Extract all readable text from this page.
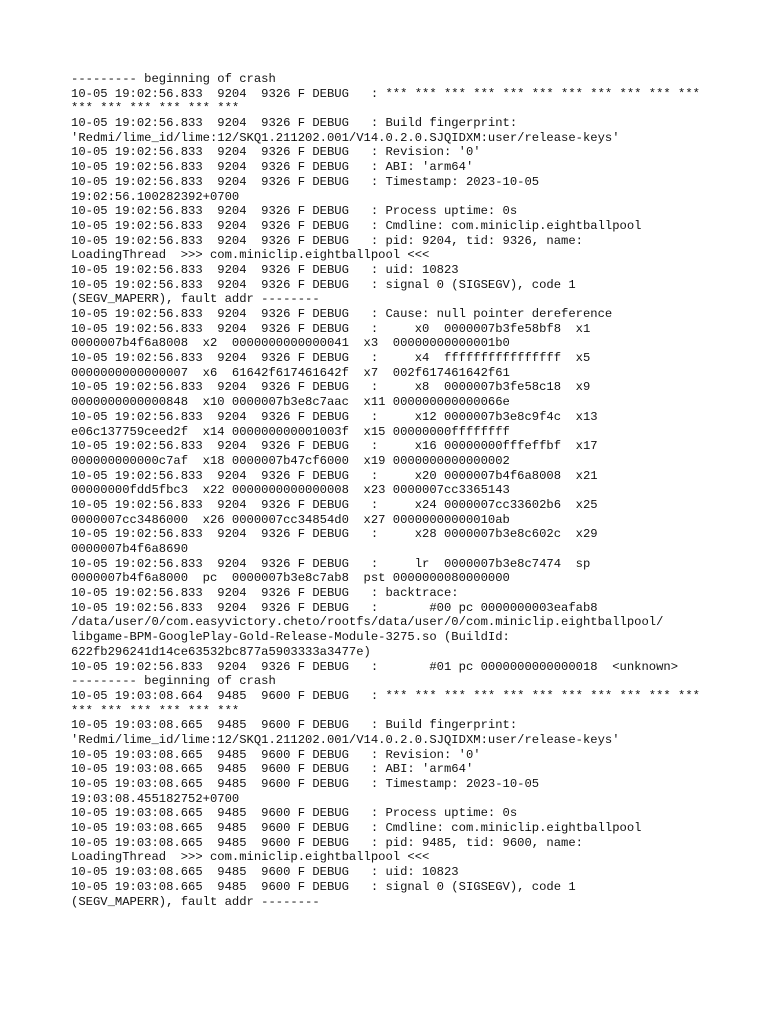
--------- beginning of crash
10-05 19:02:56.833  9204  9326 F DEBUG   : *** *** *** *** *** *** *** *** *** *** ***
*** *** *** *** *** ***
10-05 19:02:56.833  9204  9326 F DEBUG   : Build fingerprint:
'Redmi/lime_id/lime:12/SKQ1.211202.001/V14.0.2.0.SJQIDXM:user/release-keys'
10-05 19:02:56.833  9204  9326 F DEBUG   : Revision: '0'
10-05 19:02:56.833  9204  9326 F DEBUG   : ABI: 'arm64'
10-05 19:02:56.833  9204  9326 F DEBUG   : Timestamp: 2023-10-05
19:02:56.100282392+0700
10-05 19:02:56.833  9204  9326 F DEBUG   : Process uptime: 0s
10-05 19:02:56.833  9204  9326 F DEBUG   : Cmdline: com.miniclip.eightballpool
10-05 19:02:56.833  9204  9326 F DEBUG   : pid: 9204, tid: 9326, name:
LoadingThread  >>> com.miniclip.eightballpool <<<
10-05 19:02:56.833  9204  9326 F DEBUG   : uid: 10823
10-05 19:02:56.833  9204  9326 F DEBUG   : signal 0 (SIGSEGV), code 1
(SEGV_MAPERR), fault addr --------
10-05 19:02:56.833  9204  9326 F DEBUG   : Cause: null pointer dereference
10-05 19:02:56.833  9204  9326 F DEBUG   :     x0  0000007b3fe58bf8  x1
0000007b4f6a8008  x2  0000000000000041  x3  00000000000001b0
10-05 19:02:56.833  9204  9326 F DEBUG   :     x4  ffffffffffffffff  x5
0000000000000007  x6  61642f617461642f  x7  002f617461642f61
10-05 19:02:56.833  9204  9326 F DEBUG   :     x8  0000007b3fe58c18  x9
0000000000000848  x10 0000007b3e8c7aac  x11 000000000000066e
10-05 19:02:56.833  9204  9326 F DEBUG   :     x12 0000007b3e8c9f4c  x13
e06c137759ceed2f  x14 000000000001003f  x15 00000000ffffffff
10-05 19:02:56.833  9204  9326 F DEBUG   :     x16 00000000fffeffbf  x17
000000000000c7af  x18 0000007b47cf6000  x19 0000000000000002
10-05 19:02:56.833  9204  9326 F DEBUG   :     x20 0000007b4f6a8008  x21
00000000fdd5fbc3  x22 0000000000000008  x23 0000007cc3365143
10-05 19:02:56.833  9204  9326 F DEBUG   :     x24 0000007cc33602b6  x25
0000007cc3486000  x26 0000007cc34854d0  x27 00000000000010ab
10-05 19:02:56.833  9204  9326 F DEBUG   :     x28 0000007b3e8c602c  x29
0000007b4f6a8690
10-05 19:02:56.833  9204  9326 F DEBUG   :     lr  0000007b3e8c7474  sp
0000007b4f6a8000  pc  0000007b3e8c7ab8  pst 0000000080000000
10-05 19:02:56.833  9204  9326 F DEBUG   : backtrace:
10-05 19:02:56.833  9204  9326 F DEBUG   :       #00 pc 0000000003eafab8
/data/user/0/com.easyvictory.cheto/rootfs/data/user/0/com.miniclip.eightballpool/
libgame-BPM-GooglePlay-Gold-Release-Module-3275.so (BuildId:
622fb296241d14ce63532bc877a5903333a3477e)
10-05 19:02:56.833  9204  9326 F DEBUG   :       #01 pc 0000000000000018  <unknown>
--------- beginning of crash
10-05 19:03:08.664  9485  9600 F DEBUG   : *** *** *** *** *** *** *** *** *** *** ***
*** *** *** *** *** ***
10-05 19:03:08.665  9485  9600 F DEBUG   : Build fingerprint:
'Redmi/lime_id/lime:12/SKQ1.211202.001/V14.0.2.0.SJQIDXM:user/release-keys'
10-05 19:03:08.665  9485  9600 F DEBUG   : Revision: '0'
10-05 19:03:08.665  9485  9600 F DEBUG   : ABI: 'arm64'
10-05 19:03:08.665  9485  9600 F DEBUG   : Timestamp: 2023-10-05
19:03:08.455182752+0700
10-05 19:03:08.665  9485  9600 F DEBUG   : Process uptime: 0s
10-05 19:03:08.665  9485  9600 F DEBUG   : Cmdline: com.miniclip.eightballpool
10-05 19:03:08.665  9485  9600 F DEBUG   : pid: 9485, tid: 9600, name:
LoadingThread  >>> com.miniclip.eightballpool <<<
10-05 19:03:08.665  9485  9600 F DEBUG   : uid: 10823
10-05 19:03:08.665  9485  9600 F DEBUG   : signal 0 (SIGSEGV), code 1
(SEGV_MAPERR), fault addr --------
